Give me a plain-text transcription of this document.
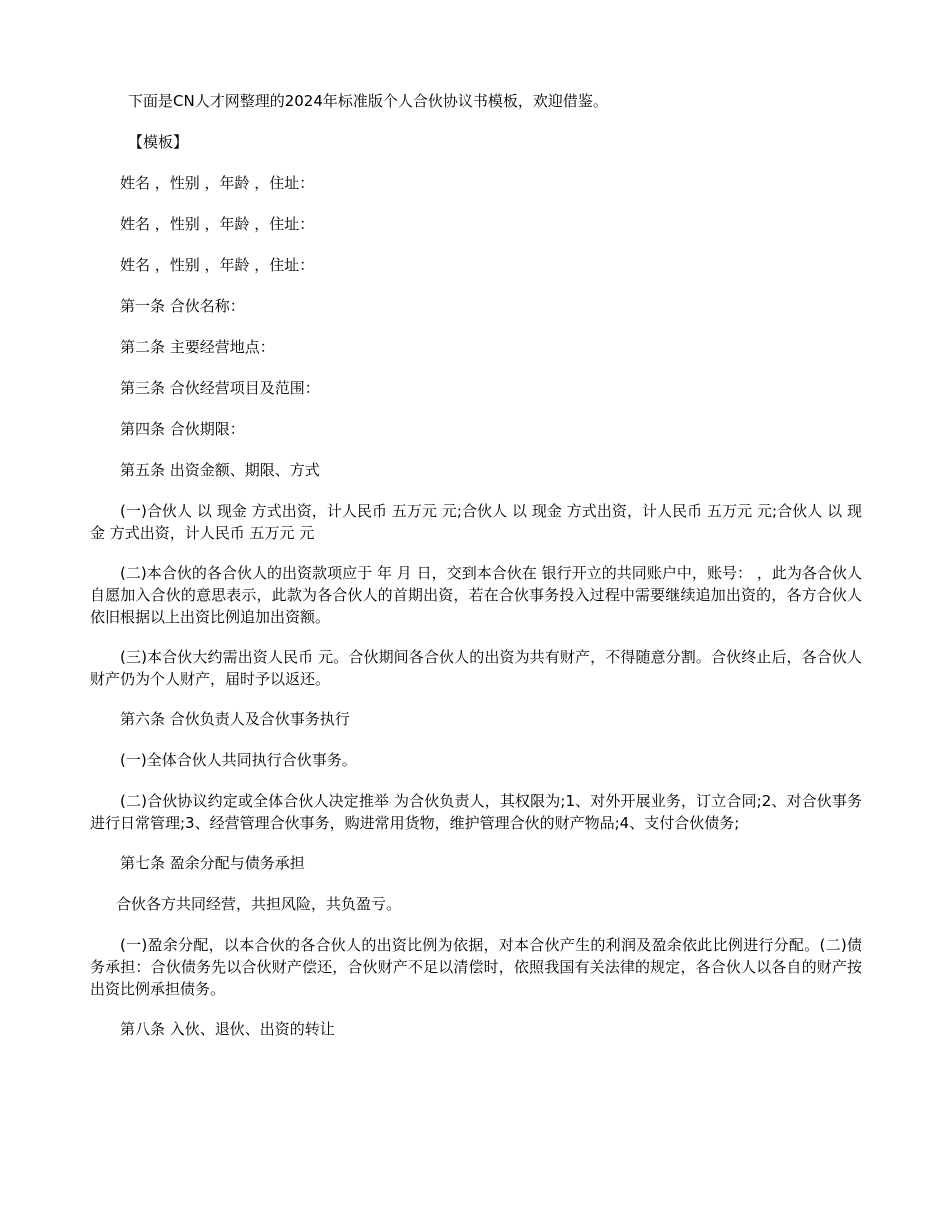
下面是CN人才网整理的2024年标准版个人合伙协议书模板，欢迎借鉴。

【模板】

姓名 ，性别 ，年龄 ，住址：

姓名 ，性别 ，年龄 ，住址：

姓名 ，性别 ，年龄 ，住址：

第一条 合伙名称：

第二条 主要经营地点：

第三条 合伙经营项目及范围：

第四条 合伙期限：

第五条 出资金额、期限、方式

(一)合伙人 以 现金 方式出资，计人民币 五万元 元;合伙人 以 现金 方式出资，计人民币 五万元 元;合伙人 以 现金 方式出资，计人民币 五万元 元

(二)本合伙的各合伙人的出资款项应于 年 月 日，交到本合伙在 银行开立的共同账户中，账号： ，此为各合伙人自愿加入合伙的意思表示，此款为各合伙人的首期出资，若在合伙事务投入过程中需要继续追加出资的，各方合伙人依旧根据以上出资比例追加出资额。

(三)本合伙大约需出资人民币 元。合伙期间各合伙人的出资为共有财产，不得随意分割。合伙终止后，各合伙人财产仍为个人财产，届时予以返还。

第六条 合伙负责人及合伙事务执行

(一)全体合伙人共同执行合伙事务。

(二)合伙协议约定或全体合伙人决定推举 为合伙负责人，其权限为;1、对外开展业务，订立合同;2、对合伙事务进行日常管理;3、经营管理合伙事务，购进常用货物，维护管理合伙的财产物品;4、支付合伙债务;

第七条 盈余分配与债务承担

合伙各方共同经营，共担风险，共负盈亏。

(一)盈余分配，以本合伙的各合伙人的出资比例为依据，对本合伙产生的利润及盈余依此比例进行分配。(二)债务承担：合伙债务先以合伙财产偿还，合伙财产不足以清偿时，依照我国有关法律的规定，各合伙人以各自的财产按出资比例承担债务。

第八条 入伙、退伙、出资的转让
